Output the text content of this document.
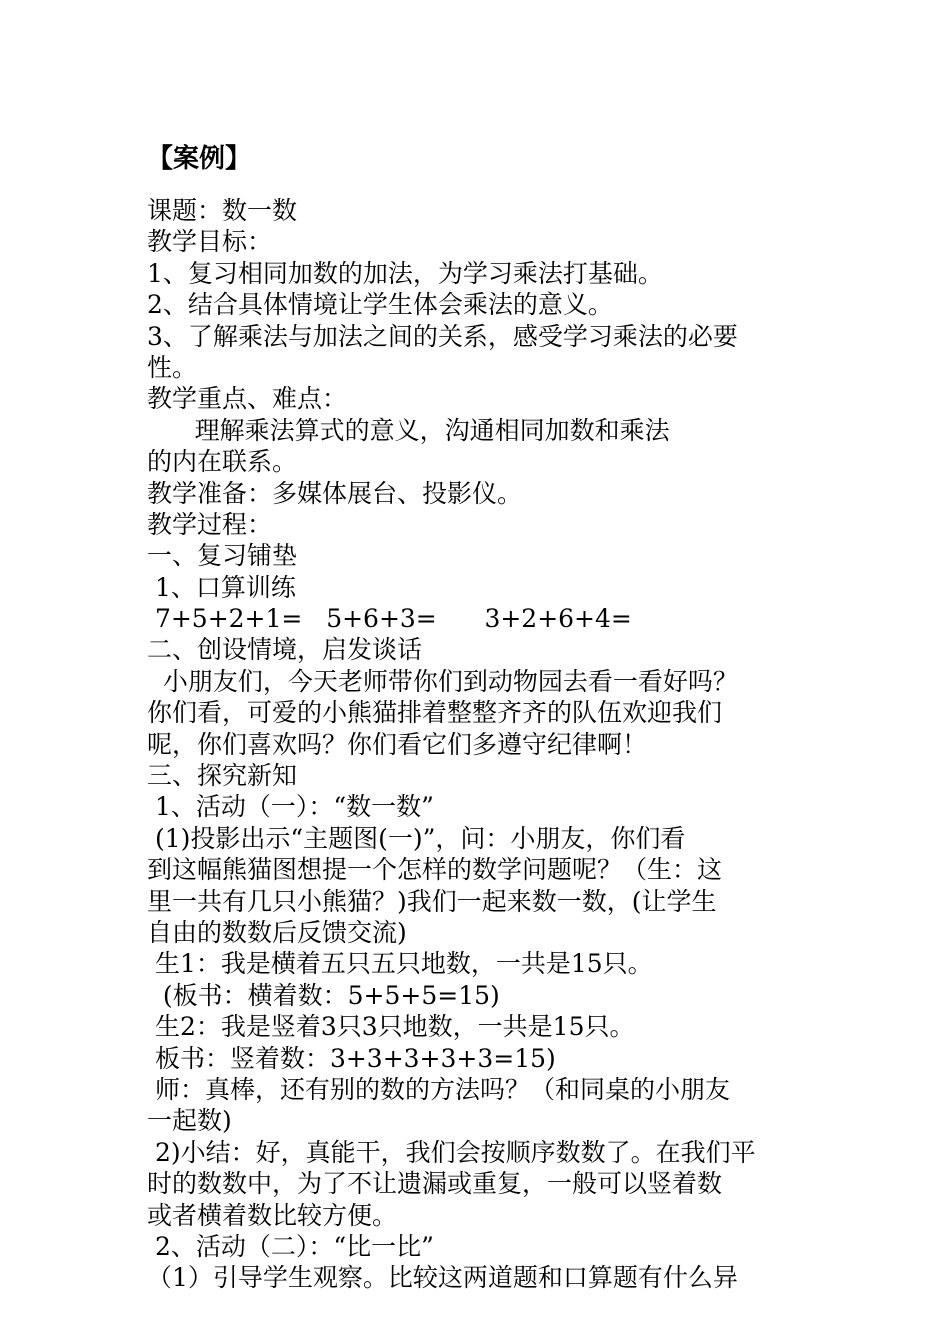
【案例】
课题：数一数
教学目标：
1、复习相同加数的加法，为学习乘法打基础。
2、结合具体情境让学生体会乘法的意义。
3、了解乘法与加法之间的关系，感受学习乘法的必要
性。
教学重点、难点：
理解乘法算式的意义，沟通相同加数和乘法
的内在联系。
教学准备：多媒体展台、投影仪。
教学过程：
一、复习铺垫
1、口算训练
7+5+2+1=   5+6+3=      3+2+6+4=
二、创设情境，启发谈话
小朋友们，今天老师带你们到动物园去看一看好吗？
你们看，可爱的小熊猫排着整整齐齐的队伍欢迎我们
呢，你们喜欢吗？你们看它们多遵守纪律啊！
三、探究新知
1、活动（一）：“数一数”
(1)投影出示“主题图(一)”，问：小朋友，你们看
到这幅熊猫图想提一个怎样的数学问题呢？（生：这
里一共有几只小熊猫？)我们一起来数一数，(让学生
自由的数数后反馈交流)
生1：我是横着五只五只地数，一共是15只。
(板书：横着数：5+5+5=15)
生2：我是竖着3只3只地数，一共是15只。
板书：竖着数：3+3+3+3+3=15)
师：真棒，还有别的数的方法吗？（和同桌的小朋友
一起数)
2)小结：好，真能干，我们会按顺序数数了。在我们平
时的数数中，为了不让遗漏或重复，一般可以竖着数
或者横着数比较方便。
2、活动（二）：“比一比”
（1）引导学生观察。比较这两道题和口算题有什么异
